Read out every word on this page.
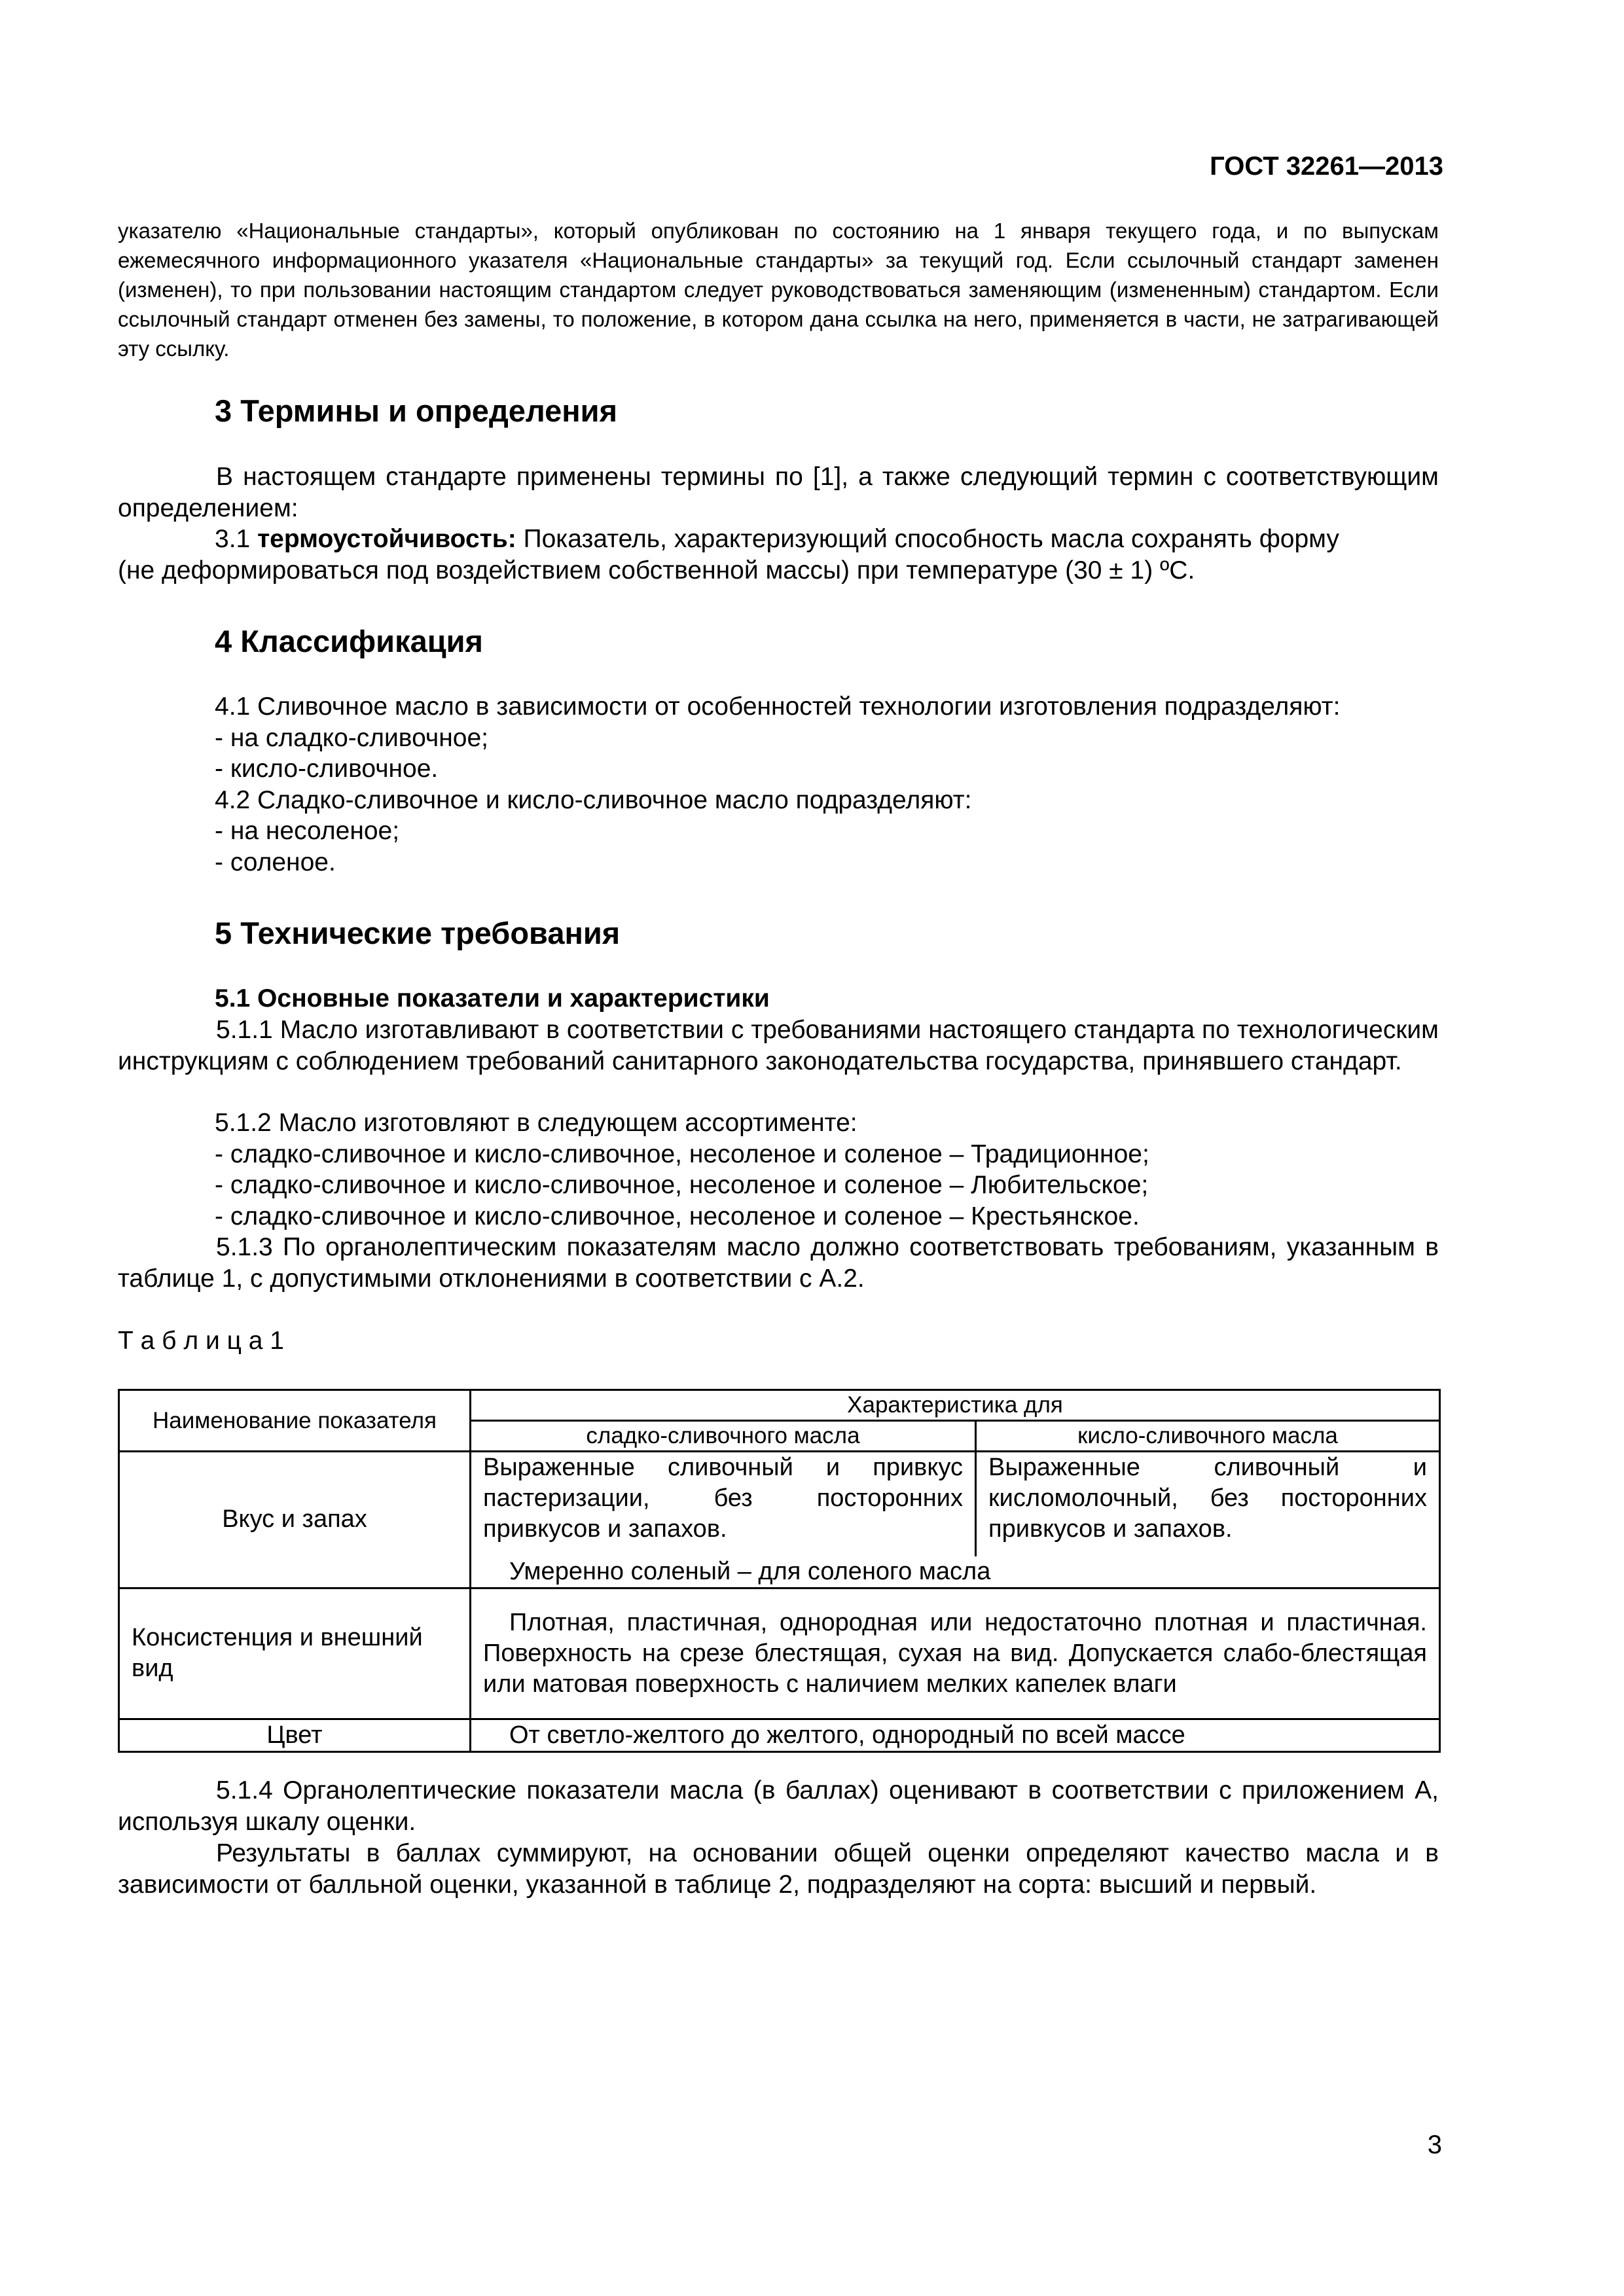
ГОСТ 32261—2013
указателю «Национальные стандарты», который опубликован по состоянию на 1 января текущего года, и по выпускам ежемесячного информационного указателя «Национальные стандарты» за текущий год. Если ссылочный стандарт заменен (изменен), то при пользовании настоящим стандартом следует руководствоваться заменяющим (измененным) стандартом. Если ссылочный стандарт отменен без замены, то положение, в котором дана ссылка на него, применяется в части, не затрагивающей эту ссылку.
3 Термины и определения
В настоящем стандарте применены термины по [1], а также следующий термин с соответствующим определением:
3.1 термоустойчивость: Показатель, характеризующий способность масла сохранять форму
(не деформироваться под воздействием собственной массы) при температуре (30 ± 1) ºС.
4 Классификация
4.1 Сливочное масло в зависимости от особенностей технологии изготовления подразделяют:
- на сладко-сливочное;
- кисло-сливочное.
4.2 Сладко-сливочное и кисло-сливочное масло подразделяют:
- на несоленое;
- соленое.
5 Технические требования
5.1 Основные показатели и характеристики
5.1.1 Масло изготавливают в соответствии с требованиями настоящего стандарта по технологическим инструкциям с соблюдением требований санитарного законодательства государства, принявшего стандарт.
5.1.2 Масло изготовляют в следующем ассортименте:
- сладко-сливочное и кисло-сливочное, несоленое и соленое – Традиционное;
- сладко-сливочное и кисло-сливочное, несоленое и соленое – Любительское;
- сладко-сливочное и кисло-сливочное, несоленое и соленое – Крестьянское.
5.1.3 По органолептическим показателям масло должно соответствовать требованиям, указанным в таблице 1, с допустимыми отклонениями в соответствии с А.2.
Т а б л и ц а 1
Наименование показателя	Характеристика для	
	сладко-сливочного масла	кисло-сливочного масла
Вкус и запах	Выраженные сливочный и привкус пастеризации, без посторонних привкусов и запахов.	Выраженные сливочный и кисломолочный, без посторонних привкусов и запахов.
	Умеренно соленый – для соленого масла	
Консистенция и внешний вид	Плотная, пластичная, однородная или недостаточно плотная и пластичная. Поверхность на срезе блестящая, сухая на вид. Допускается слабо-блестящая или матовая поверхность с наличием мелких капелек влаги	
Цвет	От светло-желтого до желтого, однородный по всей массе	
5.1.4 Органолептические показатели масла (в баллах) оценивают в соответствии с приложением А, используя шкалу оценки.
Результаты в баллах суммируют, на основании общей оценки определяют качество масла и в зависимости от балльной оценки, указанной в таблице 2, подразделяют на сорта: высший и первый.
3
